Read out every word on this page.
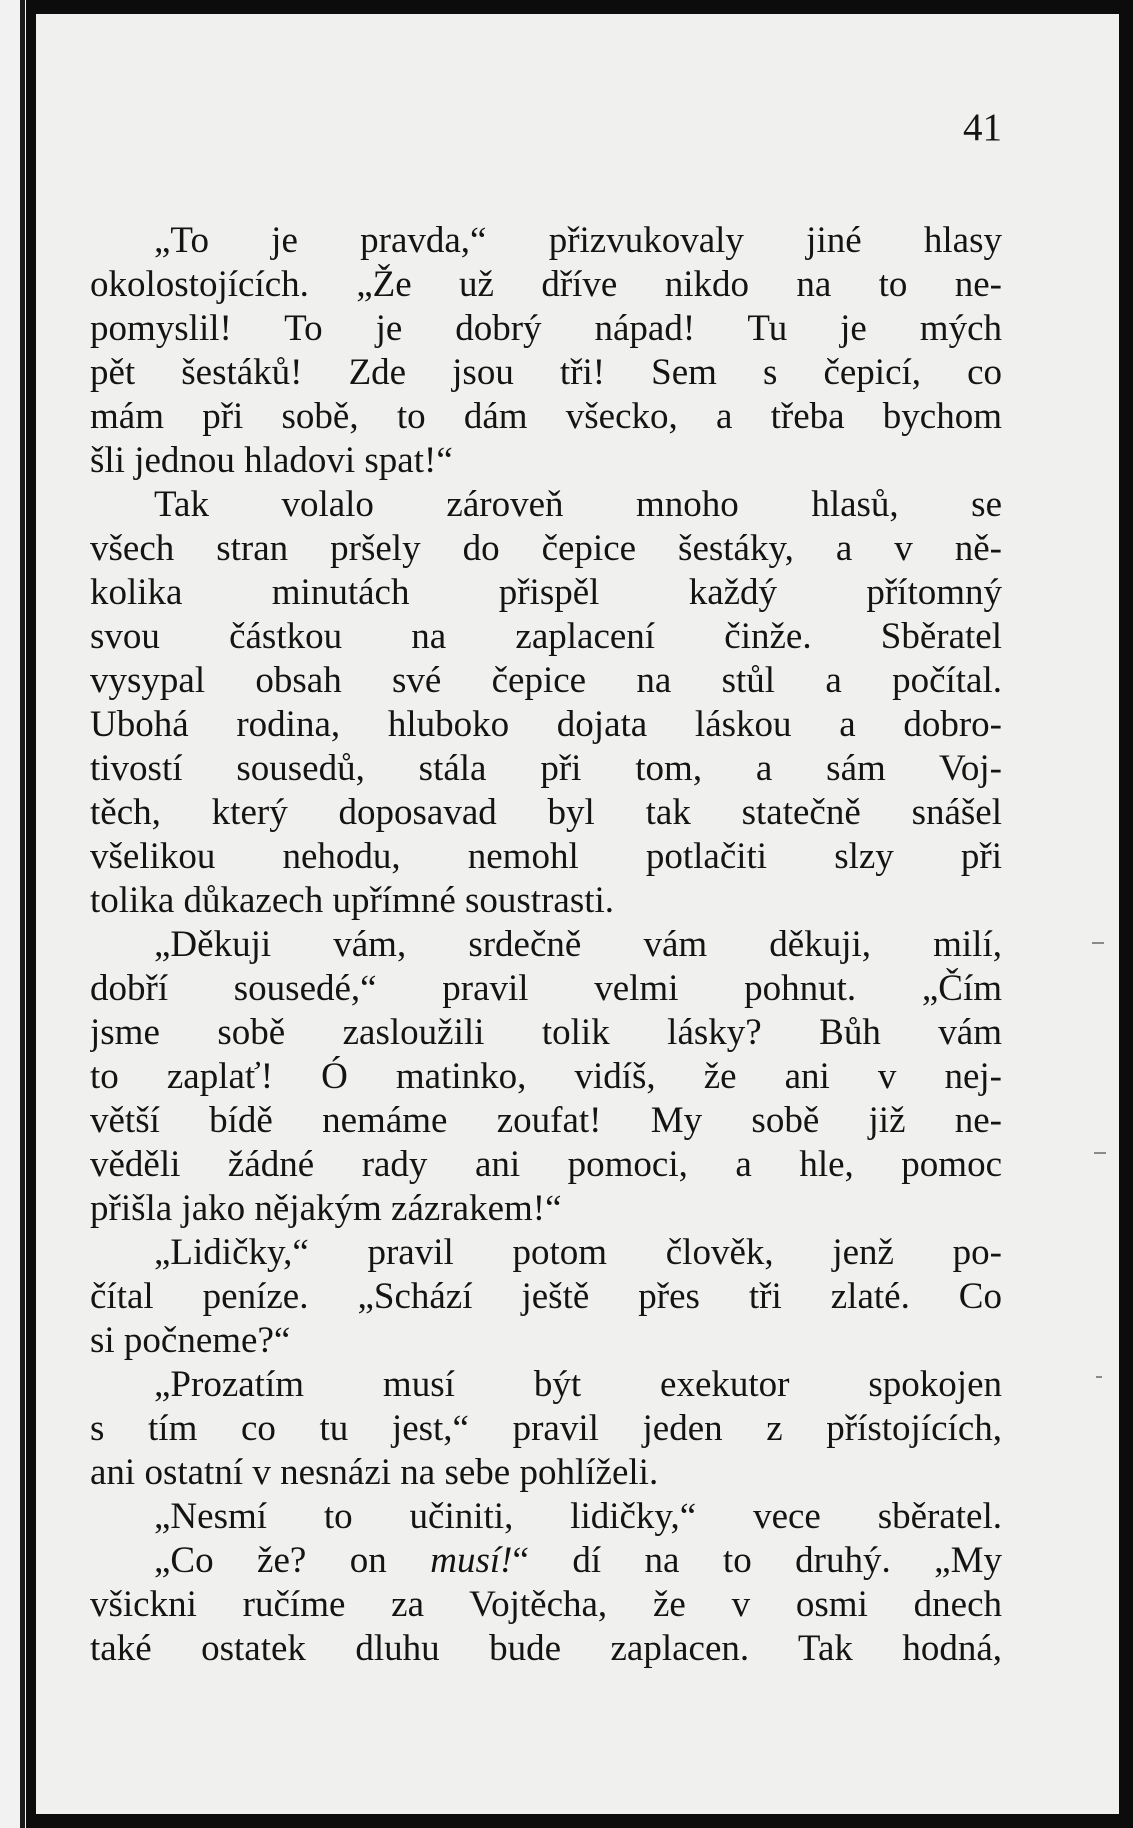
41
„To je pravda,“ přizvukovaly jiné hlasy
okolostojících. „Že už dříve nikdo na to ne-
pomyslil! To je dobrý nápad! Tu je mých
pět šestáků! Zde jsou tři! Sem s čepicí, co
mám při sobě, to dám všecko, a třeba bychom
šli jednou hladovi spat!“
Tak volalo zároveň mnoho hlasů, se
všech stran pršely do čepice šestáky, a v ně-
kolika minutách přispěl každý přítomný
svou částkou na zaplacení činže. Sběratel
vysypal obsah své čepice na stůl a počítal.
Ubohá rodina, hluboko dojata láskou a dobro-
tivostí sousedů, stála při tom, a sám Voj-
těch, který doposavad byl tak statečně snášel
všelikou nehodu, nemohl potlačiti slzy při
tolika důkazech upřímné soustrasti.
„Děkuji vám, srdečně vám děkuji, milí,
dobří sousedé,“ pravil velmi pohnut. „Čím
jsme sobě zasloužili tolik lásky? Bůh vám
to zaplať! Ó matinko, vidíš, že ani v nej-
větší bídě nemáme zoufat! My sobě již ne-
věděli žádné rady ani pomoci, a hle, pomoc
přišla jako nějakým zázrakem!“
„Lidičky,“ pravil potom člověk, jenž po-
čítal peníze. „Schází ještě přes tři zlaté. Co
si počneme?“
„Prozatím musí být exekutor spokojen
s tím co tu jest,“ pravil jeden z přístojících,
ani ostatní v nesnázi na sebe pohlíželi.
„Nesmí to učiniti, lidičky,“ vece sběratel.
„Co že? on musí!“ dí na to druhý. „My
všickni ručíme za Vojtěcha, že v osmi dnech
také ostatek dluhu bude zaplacen. Tak hodná,
